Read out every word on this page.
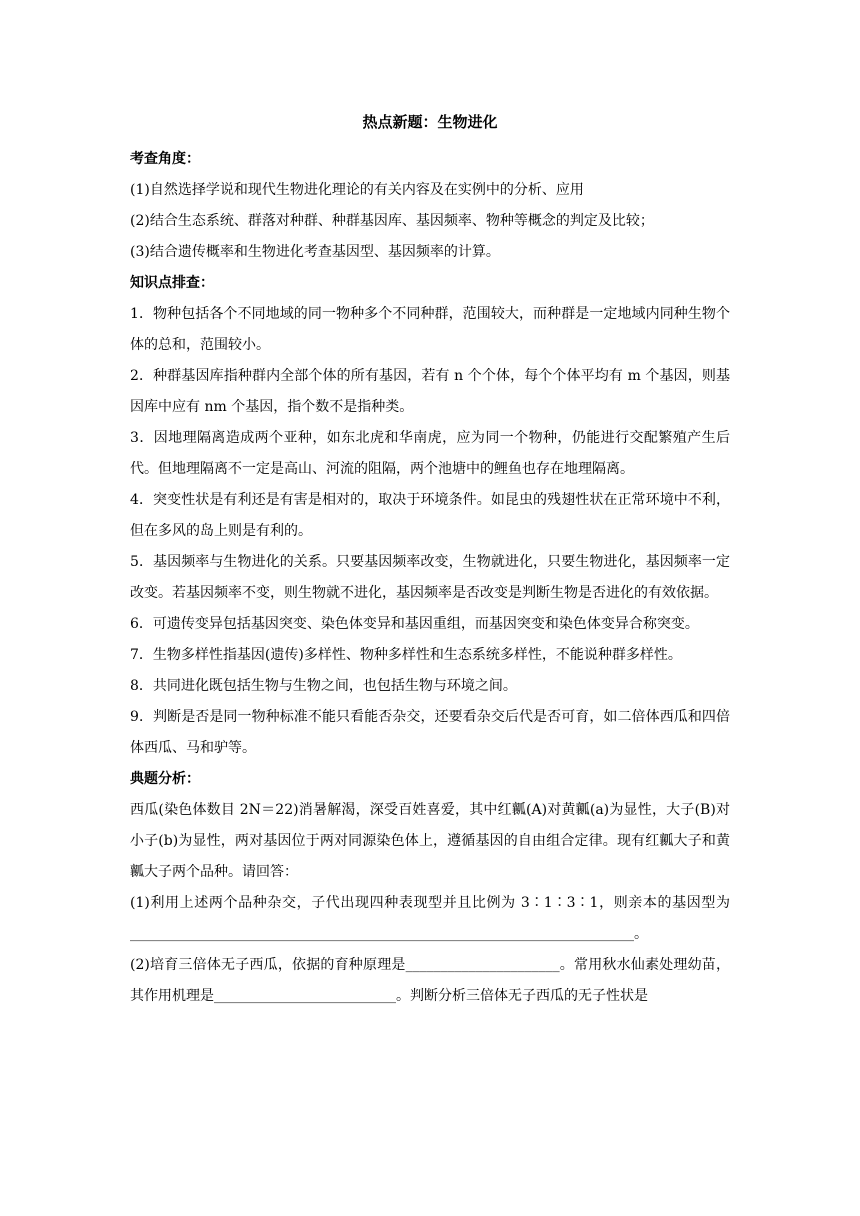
热点新题：生物进化

考查角度：

(1)自然选择学说和现代生物进化理论的有关内容及在实例中的分析、应用

(2)结合生态系统、群落对种群、种群基因库、基因频率、物种等概念的判定及比较；

(3)结合遗传概率和生物进化考查基因型、基因频率的计算。

知识点排查：

1．物种包括各个不同地域的同一物种多个不同种群，范围较大，而种群是一定地域内同种生物个体的总和，范围较小。

2．种群基因库指种群内全部个体的所有基因，若有 n 个个体，每个个体平均有 m 个基因，则基因库中应有 nm 个基因，指个数不是指种类。

3．因地理隔离造成两个亚种，如东北虎和华南虎，应为同一个物种，仍能进行交配繁殖产生后代。但地理隔离不一定是高山、河流的阻隔，两个池塘中的鲤鱼也存在地理隔离。

4．突变性状是有利还是有害是相对的，取决于环境条件。如昆虫的残翅性状在正常环境中不利，但在多风的岛上则是有利的。

5．基因频率与生物进化的关系。只要基因频率改变，生物就进化，只要生物进化，基因频率一定改变。若基因频率不变，则生物就不进化，基因频率是否改变是判断生物是否进化的有效依据。

6．可遗传变异包括基因突变、染色体变异和基因重组，而基因突变和染色体变异合称突变。

7．生物多样性指基因(遗传)多样性、物种多样性和生态系统多样性，不能说种群多样性。

8．共同进化既包括生物与生物之间，也包括生物与环境之间。

9．判断是否是同一物种标准不能只看能否杂交，还要看杂交后代是否可育，如二倍体西瓜和四倍体西瓜、马和驴等。

典题分析：

西瓜(染色体数目 2N＝22)消暑解渴，深受百姓喜爱，其中红瓤(A)对黄瓤(a)为显性，大子(B)对小子(b)为显性，两对基因位于两对同源染色体上，遵循基因的自由组合定律。现有红瓤大子和黄瓤大子两个品种。请回答：

(1)利用上述两个品种杂交，子代出现四种表现型并且比例为 3∶1∶3∶1，则亲本的基因型为________________________________________________________________________。

(2)培育三倍体无子西瓜，依据的育种原理是______________________。常用秋水仙素处理幼苗，其作用机理是__________________________。判断分析三倍体无子西瓜的无子性状是
